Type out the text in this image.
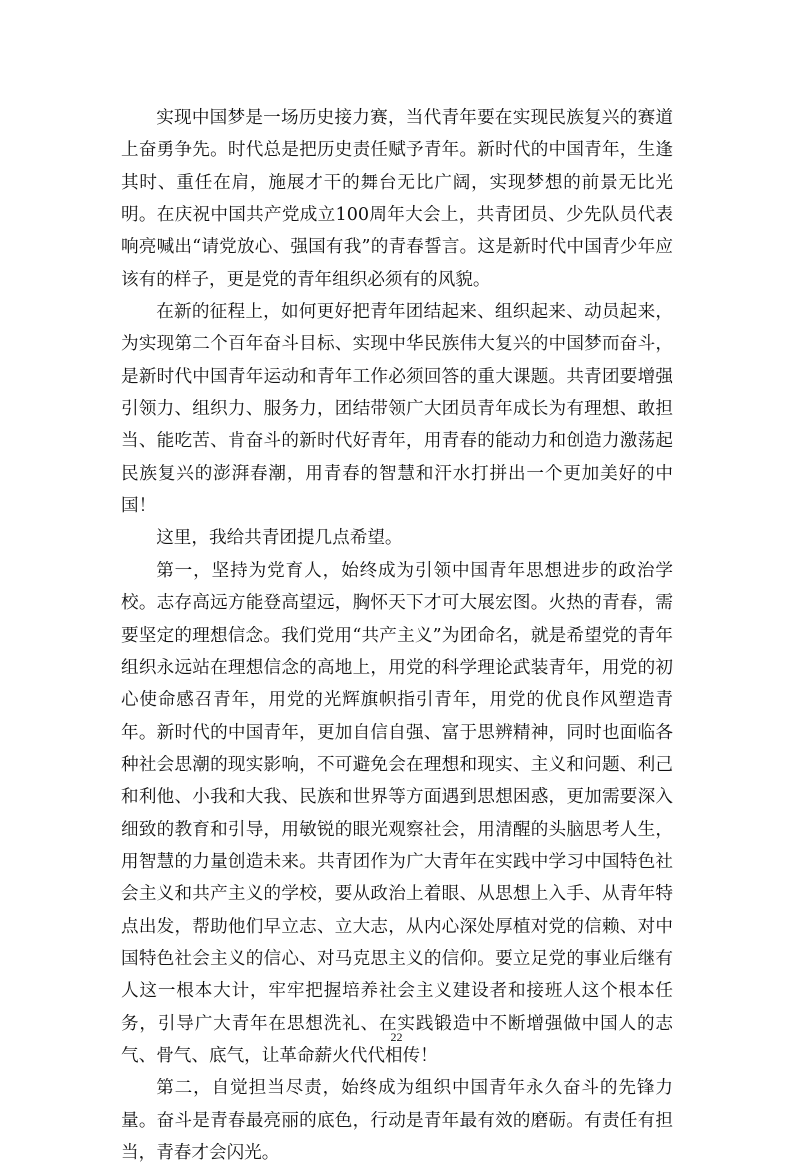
实现中国梦是一场历史接力赛，当代青年要在实现民族复兴的赛道上奋勇争先。时代总是把历史责任赋予青年。新时代的中国青年，生逢其时、重任在肩，施展才干的舞台无比广阔，实现梦想的前景无比光明。在庆祝中国共产党成立100周年大会上，共青团员、少先队员代表响亮喊出“请党放心、强国有我”的青春誓言。这是新时代中国青少年应该有的样子，更是党的青年组织必须有的风貌。

在新的征程上，如何更好把青年团结起来、组织起来、动员起来，为实现第二个百年奋斗目标、实现中华民族伟大复兴的中国梦而奋斗，是新时代中国青年运动和青年工作必须回答的重大课题。共青团要增强引领力、组织力、服务力，团结带领广大团员青年成长为有理想、敢担当、能吃苦、肯奋斗的新时代好青年，用青春的能动力和创造力激荡起民族复兴的澎湃春潮，用青春的智慧和汗水打拼出一个更加美好的中国！

这里，我给共青团提几点希望。

第一，坚持为党育人，始终成为引领中国青年思想进步的政治学校。志存高远方能登高望远，胸怀天下才可大展宏图。火热的青春，需要坚定的理想信念。我们党用“共产主义”为团命名，就是希望党的青年组织永远站在理想信念的高地上，用党的科学理论武装青年，用党的初心使命感召青年，用党的光辉旗帜指引青年，用党的优良作风塑造青年。新时代的中国青年，更加自信自强、富于思辨精神，同时也面临各种社会思潮的现实影响，不可避免会在理想和现实、主义和问题、利己和利他、小我和大我、民族和世界等方面遇到思想困惑，更加需要深入细致的教育和引导，用敏锐的眼光观察社会，用清醒的头脑思考人生，用智慧的力量创造未来。共青团作为广大青年在实践中学习中国特色社会主义和共产主义的学校，要从政治上着眼、从思想上入手、从青年特点出发，帮助他们早立志、立大志，从内心深处厚植对党的信赖、对中国特色社会主义的信心、对马克思主义的信仰。要立足党的事业后继有人这一根本大计，牢牢把握培养社会主义建设者和接班人这个根本任务，引导广大青年在思想洗礼、在实践锻造中不断增强做中国人的志气、骨气、底气，让革命薪火代代相传！

第二，自觉担当尽责，始终成为组织中国青年永久奋斗的先锋力量。奋斗是青春最亮丽的底色，行动是青年最有效的磨砺。有责任有担当，青春才会闪光。

22
